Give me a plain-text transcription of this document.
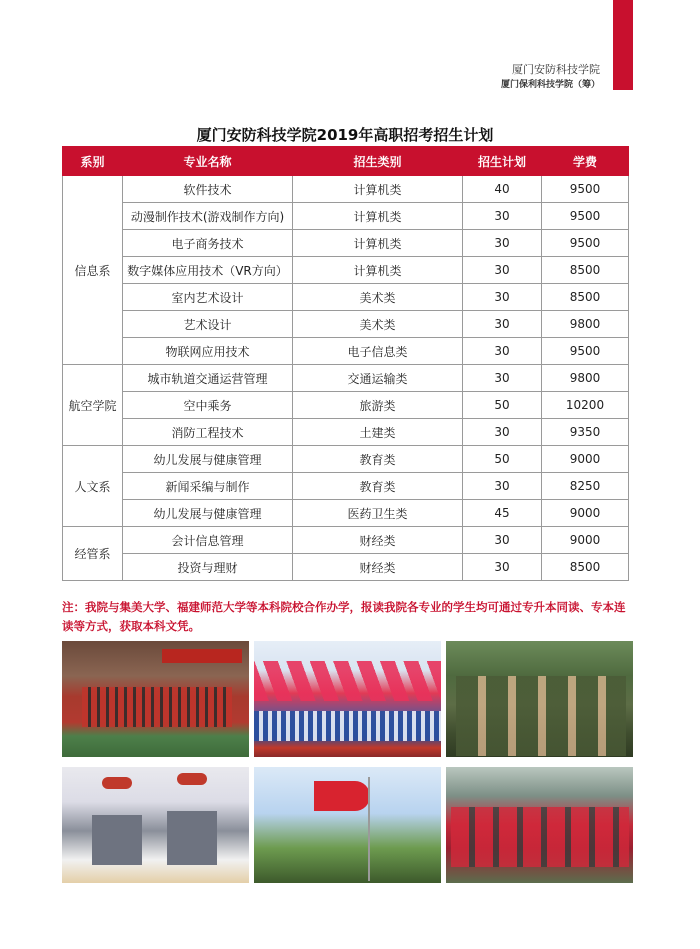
厦门安防科技学院
厦门保利科技学院（筹）
厦门安防科技学院2019年高职招考招生计划
系别	专业名称	招生类别	招生计划	学费
信息系	软件技术	计算机类	40	9500
	动漫制作技术(游戏制作方向)	计算机类	30	9500
	电子商务技术	计算机类	30	9500
	数字媒体应用技术（VR方向）	计算机类	30	8500
	室内艺术设计	美术类	30	8500
	艺术设计	美术类	30	9800
	物联网应用技术	电子信息类	30	9500
航空学院	城市轨道交通运营管理	交通运输类	30	9800
	空中乘务	旅游类	50	10200
	消防工程技术	土建类	30	9350
人文系	幼儿发展与健康管理	教育类	50	9000
	新闻采编与制作	教育类	30	8250
	幼儿发展与健康管理	医药卫生类	45	9000
经管系	会计信息管理	财经类	30	9000
	投资与理财	财经类	30	8500
注：我院与集美大学、福建师范大学等本科院校合作办学，报读我院各专业的学生均可通过专升本同读、专本连读等方式，获取本科文凭。
